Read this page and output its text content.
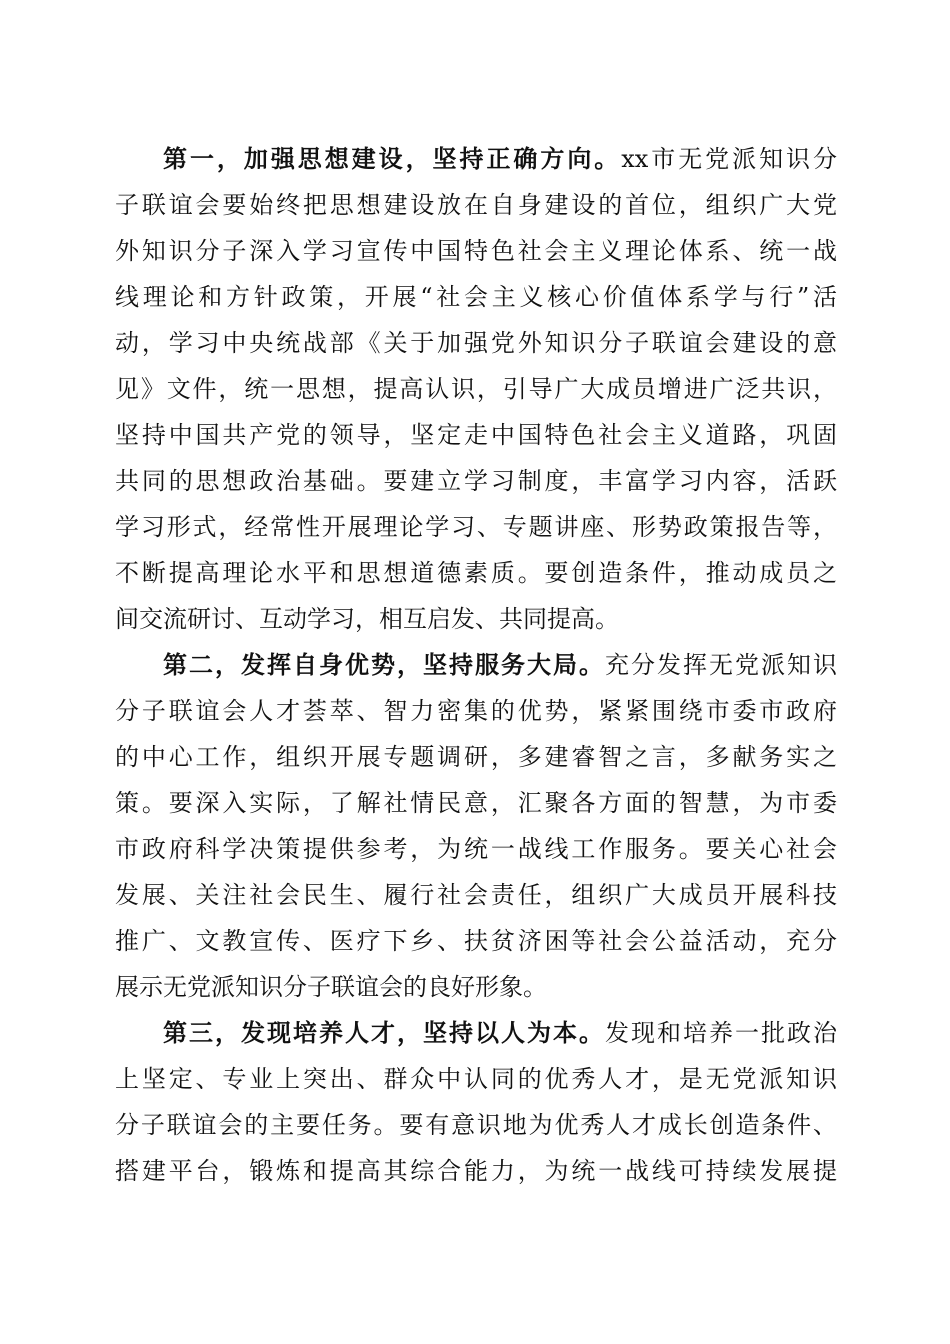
第一，加强思想建设，坚持正确方向。xx市无党派知识分
子联谊会要始终把思想建设放在自身建设的首位，组织广大党
外知识分子深入学习宣传中国特色社会主义理论体系、统一战
线理论和方针政策，开展“社会主义核心价值体系学与行”活
动，学习中央统战部《关于加强党外知识分子联谊会建设的意
见》文件，统一思想，提高认识，引导广大成员增进广泛共识，
坚持中国共产党的领导，坚定走中国特色社会主义道路，巩固
共同的思想政治基础。要建立学习制度，丰富学习内容，活跃
学习形式，经常性开展理论学习、专题讲座、形势政策报告等，
不断提高理论水平和思想道德素质。要创造条件，推动成员之
间交流研讨、互动学习，相互启发、共同提高。
第二，发挥自身优势，坚持服务大局。充分发挥无党派知识
分子联谊会人才荟萃、智力密集的优势，紧紧围绕市委市政府
的中心工作，组织开展专题调研，多建睿智之言，多献务实之
策。要深入实际，了解社情民意，汇聚各方面的智慧，为市委
市政府科学决策提供参考，为统一战线工作服务。要关心社会
发展、关注社会民生、履行社会责任，组织广大成员开展科技
推广、文教宣传、医疗下乡、扶贫济困等社会公益活动，充分
展示无党派知识分子联谊会的良好形象。
第三，发现培养人才，坚持以人为本。发现和培养一批政治
上坚定、专业上突出、群众中认同的优秀人才，是无党派知识
分子联谊会的主要任务。要有意识地为优秀人才成长创造条件、
搭建平台，锻炼和提高其综合能力，为统一战线可持续发展提
